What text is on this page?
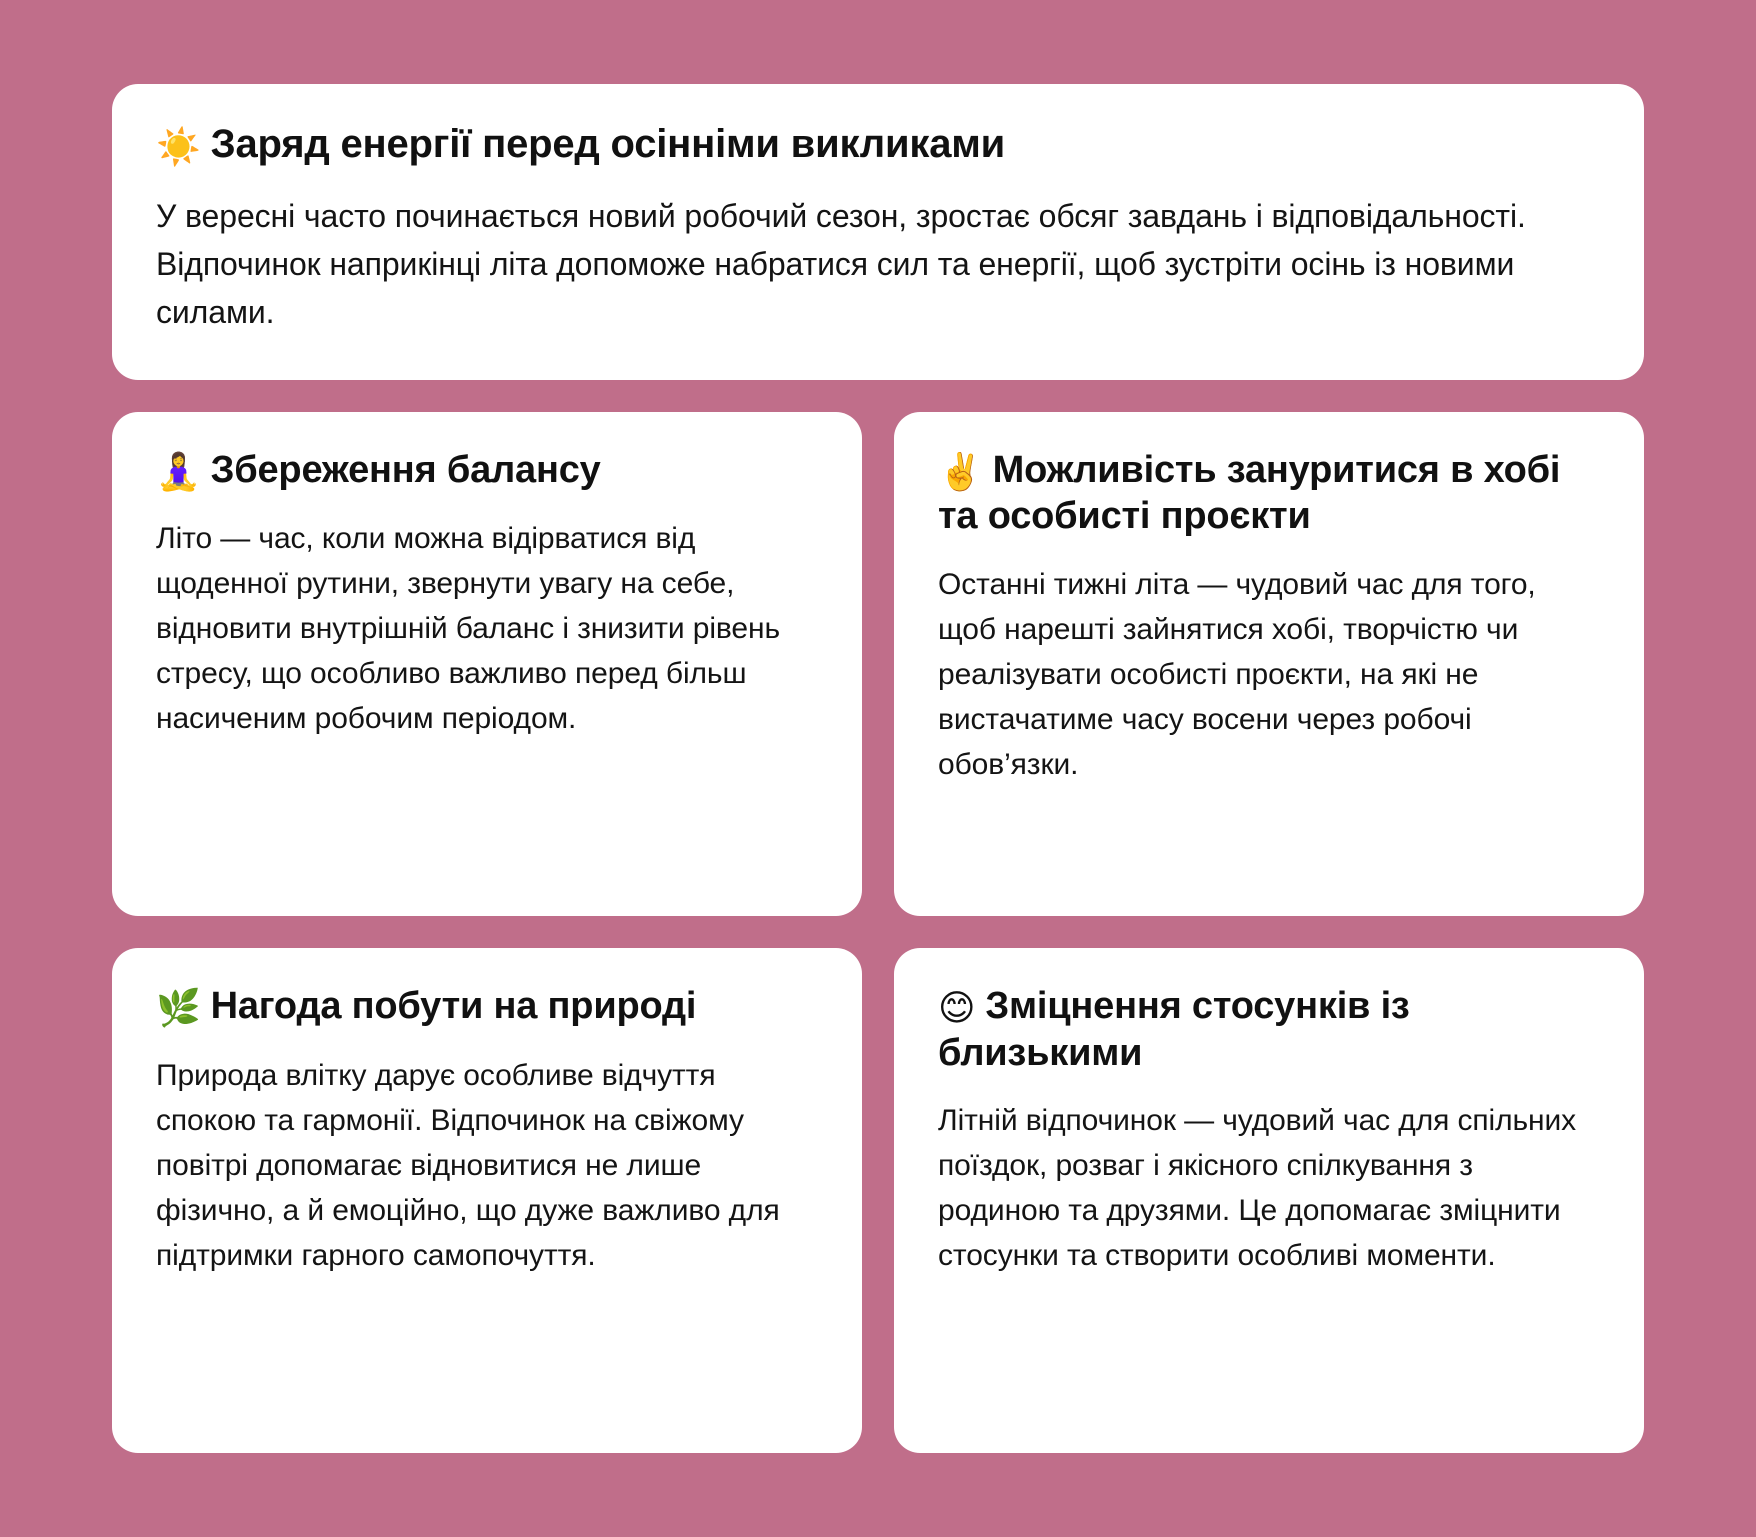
☀️ Заряд енергії перед осінніми викликами

У вересні часто починається новий робочий сезон, зростає обсяг завдань і відповідальності. Відпочинок наприкінці літа допоможе набратися сил та енергії, щоб зустріти осінь із новими силами.

🧘‍♀️ Збереження балансу

Літо — час, коли можна відірватися від щоденної рутини, звернути увагу на себе, відновити внутрішній баланс і знизити рівень стресу, що особливо важливо перед більш насиченим робочим періодом.

✌️ Можливість зануритися в хобі та особисті проєкти

Останні тижні літа — чудовий час для того, щоб нарешті зайнятися хобі, творчістю чи реалізувати особисті проєкти, на які не вистачатиме часу восени через робочі обов’язки.

🌿 Нагода побути на природі

Природа влітку дарує особливе відчуття спокою та гармонії. Відпочинок на свіжому повітрі допомагає відновитися не лише фізично, а й емоційно, що дуже важливо для підтримки гарного самопочуття.

😊 Зміцнення стосунків із близькими

Літній відпочинок — чудовий час для спільних поїздок, розваг і якісного спілкування з родиною та друзями. Це допомагає зміцнити стосунки та створити особливі моменти.
